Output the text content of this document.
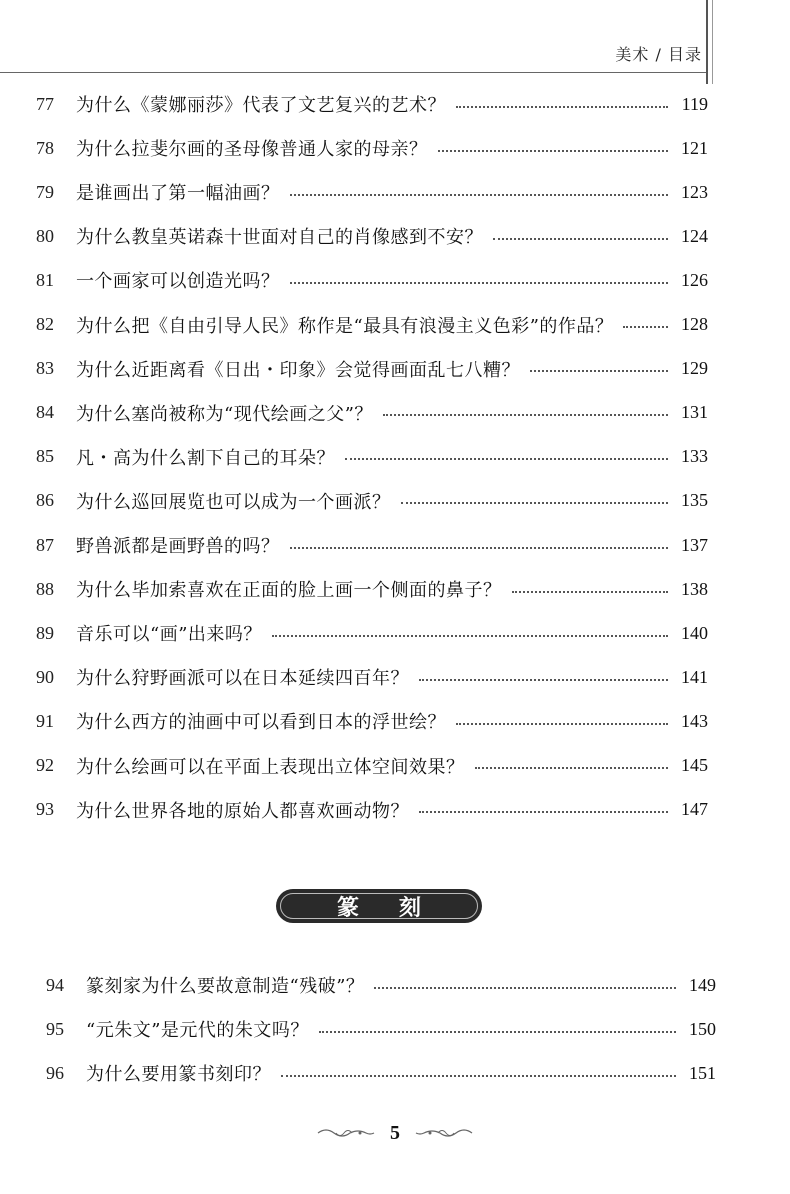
美术 / 目录
77	为什么《蒙娜丽莎》代表了文艺复兴的艺术？	119
78	为什么拉斐尔画的圣母像普通人家的母亲？	121
79	是谁画出了第一幅油画？	123
80	为什么教皇英诺森十世面对自己的肖像感到不安？	124
81	一个画家可以创造光吗？	126
82	为什么把《自由引导人民》称作是“最具有浪漫主义色彩”的作品？	128
83	为什么近距离看《日出・印象》会觉得画面乱七八糟？	129
84	为什么塞尚被称为“现代绘画之父”？	131
85	凡・高为什么割下自己的耳朵？	133
86	为什么巡回展览也可以成为一个画派？	135
87	野兽派都是画野兽的吗？	137
88	为什么毕加索喜欢在正面的脸上画一个侧面的鼻子？	138
89	音乐可以“画”出来吗？	140
90	为什么狩野画派可以在日本延续四百年？	141
91	为什么西方的油画中可以看到日本的浮世绘？	143
92	为什么绘画可以在平面上表现出立体空间效果？	145
93	为什么世界各地的原始人都喜欢画动物？	147
篆刻
94	篆刻家为什么要故意制造“残破”？	149
95	“元朱文”是元代的朱文吗？	150
96	为什么要用篆书刻印？	151
5
